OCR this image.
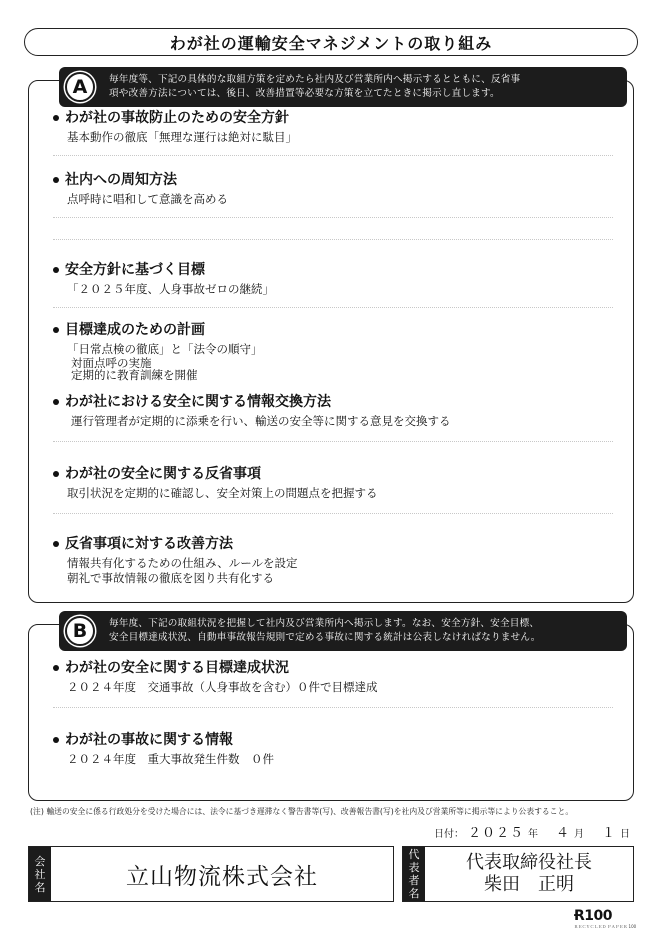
わが社の運輸安全マネジメントの取り組み
A	毎年度等、下記の具体的な取組方策を定めたら社内及び営業所内へ掲示するとともに、反省事
項や改善方法については、後日、改善措置等必要な方策を立てたときに掲示し直します。
わが社の事故防止のための安全方針
基本動作の徹底「無理な運行は絶対に駄目」
社内への周知方法
点呼時に唱和して意識を高める
安全方針に基づく目標
「２０２５年度、人身事故ゼロの継続」
目標達成のための計画
「日常点検の徹底」と「法令の順守」
対面点呼の実施
定期的に教育訓練を開催
わが社における安全に関する情報交換方法
運行管理者が定期的に添乗を行い、輸送の安全等に関する意見を交換する
わが社の安全に関する反省事項
取引状況を定期的に確認し、安全対策上の問題点を把握する
反省事項に対する改善方法
情報共有化するための仕組み、ルールを設定
朝礼で事故情報の徹底を図り共有化する
B	毎年度、下記の取組状況を把握して社内及び営業所内へ掲示します。なお、安全方針、安全目標、
安全目標達成状況、自動車事故報告規則で定める事故に関する統計は公表しなければなりません。
わが社の安全に関する目標達成状況
２０２４年度　交通事故（人身事故を含む）０件で目標達成
わが社の事故に関する情報
２０２４年度　重大事故発生件数　０件
(注) 輸送の安全に係る行政処分を受けた場合には、法令に基づき遅滞なく警告書等(写)、改善報告書(写)を社内及び営業所等に掲示等により公表すること。
日付： ２０２５ 年 ４ 月 １ 日
会
社
名	立山物流株式会社
代
表
者
名
代表取締役社長
柴田　正明
Ɍ100
ＲＥＣＹＣＬＥＤ ＰＡＰＥＲ 100
